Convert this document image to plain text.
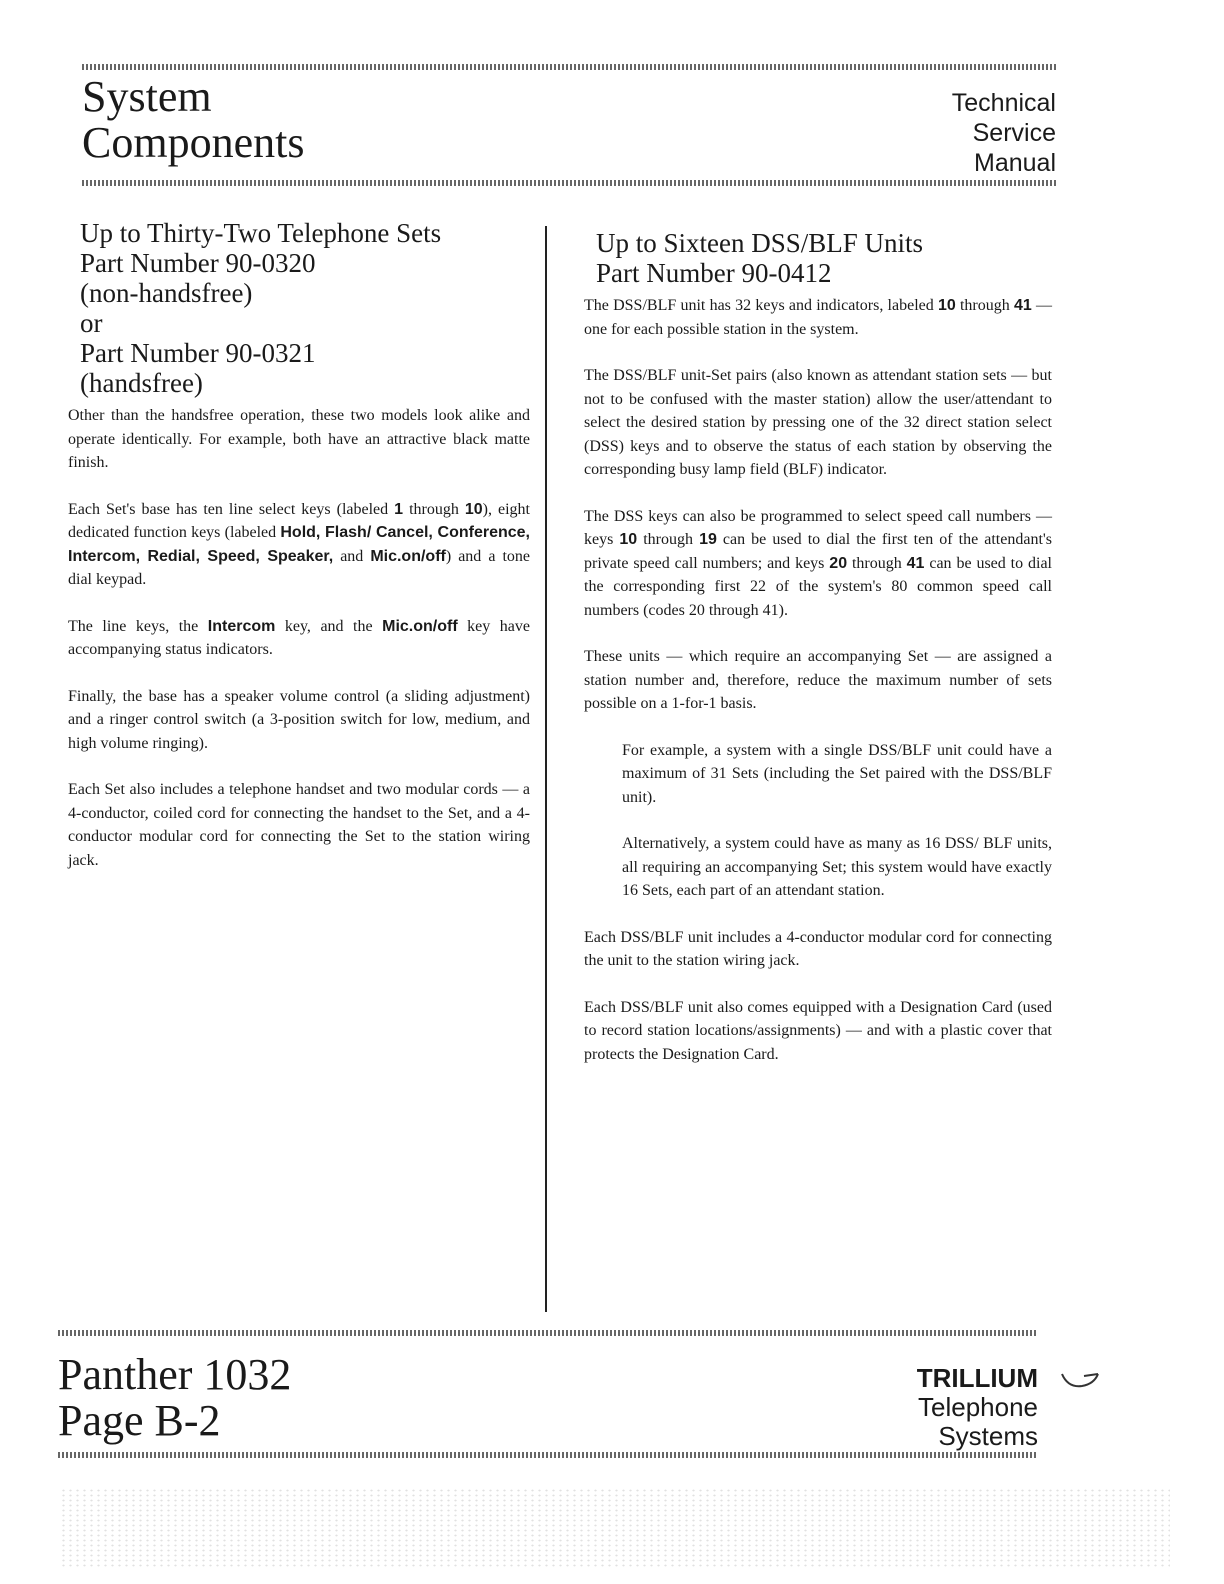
System
Components
Technical
Service
Manual
Up to Thirty-Two Telephone Sets
Part Number 90-0320
(non-handsfree)
or
Part Number 90-0321
(handsfree)

Other than the handsfree operation, these two models look alike and operate identically. For example, both have an attractive black matte finish.

Each Set's base has ten line select keys (labeled 1 through 10), eight dedicated function keys (labeled Hold, Flash/ Cancel, Conference, Intercom, Redial, Speed, Speaker, and Mic.on/off) and a tone dial keypad.

The line keys, the Intercom key, and the Mic.on/off key have accompanying status indicators.

Finally, the base has a speaker volume control (a sliding adjustment) and a ringer control switch (a 3-position switch for low, medium, and high volume ringing).

Each Set also includes a telephone handset and two modular cords — a 4-conductor, coiled cord for connecting the handset to the Set, and a 4-conductor modular cord for connecting the Set to the station wiring jack.

Up to Sixteen DSS/BLF Units
Part Number 90-0412

The DSS/BLF unit has 32 keys and indicators, labeled 10 through 41 — one for each possible station in the system.

The DSS/BLF unit-Set pairs (also known as attendant station sets — but not to be confused with the master station) allow the user/attendant to select the desired station by pressing one of the 32 direct station select (DSS) keys and to observe the status of each station by observing the corresponding busy lamp field (BLF) indicator.

The DSS keys can also be programmed to select speed call numbers — keys 10 through 19 can be used to dial the first ten of the attendant's private speed call numbers; and keys 20 through 41 can be used to dial the corresponding first 22 of the system's 80 common speed call numbers (codes 20 through 41).

These units — which require an accompanying Set — are assigned a station number and, therefore, reduce the maximum number of sets possible on a 1-for-1 basis.

For example, a system with a single DSS/BLF unit could have a maximum of 31 Sets (including the Set paired with the DSS/BLF unit).

Alternatively, a system could have as many as 16 DSS/ BLF units, all requiring an accompanying Set; this system would have exactly 16 Sets, each part of an attendant station.

Each DSS/BLF unit includes a 4-conductor modular cord for connecting the unit to the station wiring jack.

Each DSS/BLF unit also comes equipped with a Designation Card (used to record station locations/assignments) — and with a plastic cover that protects the Designation Card.

Panther 1032
Page B-2
TRILLIUM
Telephone
Systems
